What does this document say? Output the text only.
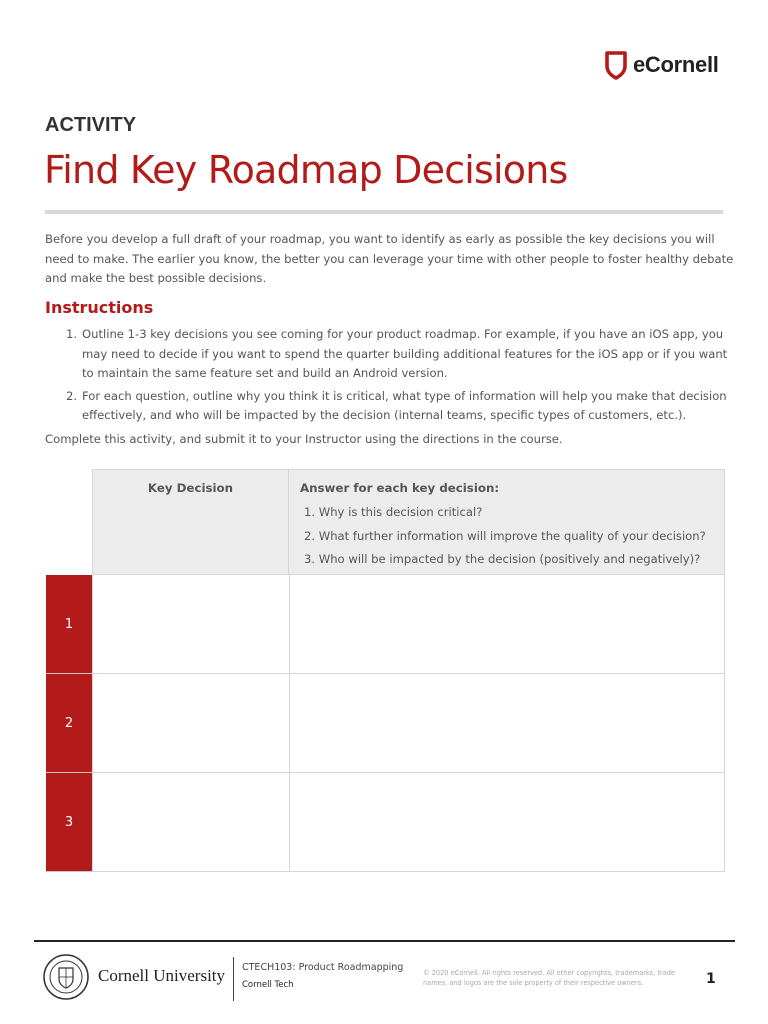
eCornell
ACTIVITY
Find Key Roadmap Decisions

Before you develop a full draft of your roadmap, you want to identify as early as possible the key decisions you will need to make. The earlier you know, the better you can leverage your time with other people to foster healthy debate and make the best possible decisions.

Instructions
1. Outline 1-3 key decisions you see coming for your product roadmap. For example, if you have an iOS app, you may need to decide if you want to spend the quarter building additional features for the iOS app or if you want to maintain the same feature set and build an Android version.
2. For each question, outline why you think it is critical, what type of information will help you make that decision effectively, and who will be impacted by the decision (internal teams, specific types of customers, etc.).

Complete this activity, and submit it to your Instructor using the directions in the course.

Key Decision	Answer for each key decision:
1. Why is this decision critical?
2. What further information will improve the quality of your decision?
3. Who will be impacted by the decision (positively and negatively)?
1
2
3
Cornell University CTECH103: Product Roadmapping
Cornell Tech
© 2020 eCornell. All rights reserved. All other copyrights, trademarks, trade names, and logos are the sole property of their respective owners.	1
